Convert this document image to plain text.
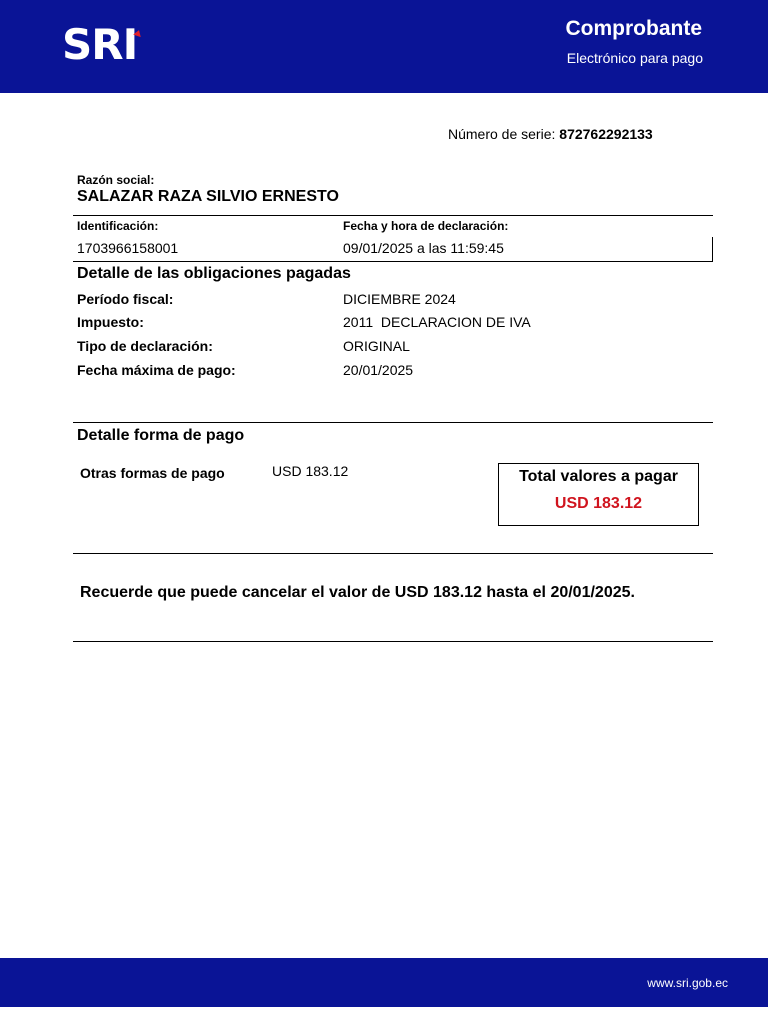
SRI	Comprobante
Electrónico para pago
Número de serie: 872762292133
Razón social:
SALAZAR RAZA SILVIO ERNESTO
Identificación:	Fecha y hora de declaración:
1703966158001	09/01/2025 a las 11:59:45
Detalle de las obligaciones pagadas
Período fiscal:	DICIEMBRE 2024
Impuesto:	2011  DECLARACION DE IVA
Tipo de declaración:	ORIGINAL
Fecha máxima de pago:	20/01/2025
Detalle forma de pago
Otras formas de pago	USD 183.12	Total valores a pagar
USD 183.12
Recuerde que puede cancelar el valor de USD 183.12 hasta el 20/01/2025.
www.sri.gob.ec
